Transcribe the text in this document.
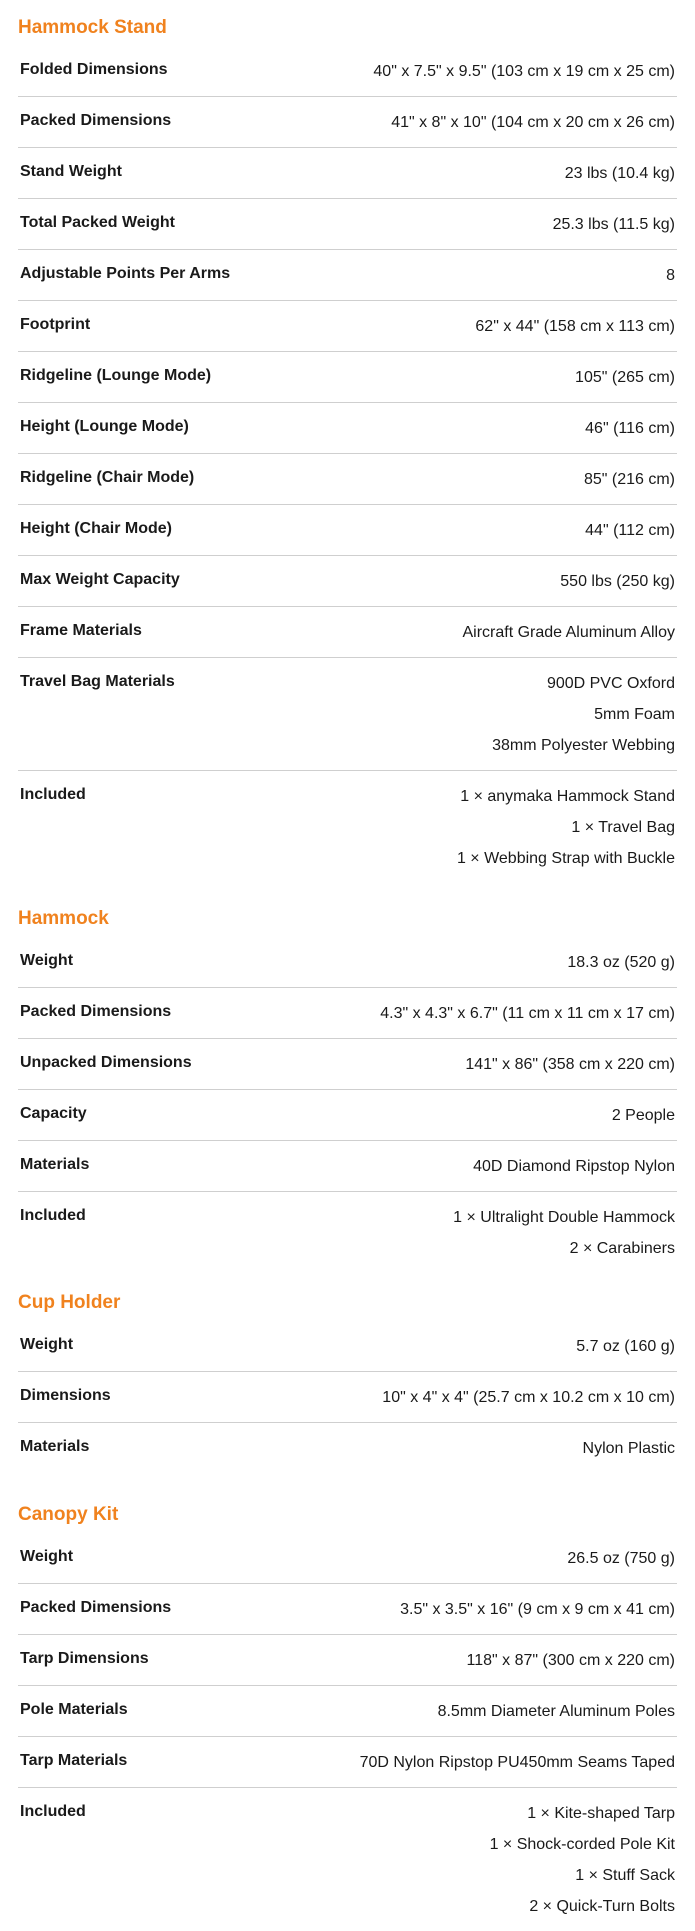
Hammock Stand
Folded Dimensions	40" x 7.5" x 9.5" (103 cm x 19 cm x 25 cm)

Packed Dimensions	41" x 8" x 10" (104 cm x 20 cm x 26 cm)

Stand Weight	23 lbs (10.4 kg)

Total Packed Weight	25.3 lbs (11.5 kg)

Adjustable Points Per Arms	8

Footprint	62" x 44" (158 cm x 113 cm)

Ridgeline (Lounge Mode)	105" (265 cm)

Height (Lounge Mode)	46" (116 cm)

Ridgeline (Chair Mode)	85" (216 cm)

Height (Chair Mode)	44" (112 cm)

Max Weight Capacity	550 lbs (250 kg)

Frame Materials	Aircraft Grade Aluminum Alloy

Travel Bag Materials	900D PVC Oxford
5mm Foam
38mm Polyester Webbing

Included	1 × anymaka Hammock Stand
1 × Travel Bag
1 × Webbing Strap with Buckle
Hammock
Weight	18.3 oz (520 g)

Packed Dimensions	4.3" x 4.3" x 6.7" (11 cm x 11 cm x 17 cm)

Unpacked Dimensions	141" x 86" (358 cm x 220 cm)

Capacity	2 People

Materials	40D Diamond Ripstop Nylon

Included	1 × Ultralight Double Hammock
2 × Carabiners
Cup Holder
Weight	5.7 oz (160 g)

Dimensions	10" x 4" x 4" (25.7 cm x 10.2 cm x 10 cm)

Materials	Nylon Plastic
Canopy Kit
Weight	26.5 oz (750 g)

Packed Dimensions	3.5" x 3.5" x 16" (9 cm x 9 cm x 41 cm)

Tarp Dimensions	118" x 87" (300 cm x 220 cm)

Pole Materials	8.5mm Diameter Aluminum Poles

Tarp Materials	70D Nylon Ripstop PU450mm Seams Taped

Included	1 × Kite-shaped Tarp
1 × Shock-corded Pole Kit
1 × Stuff Sack
2 × Quick-Turn Bolts
